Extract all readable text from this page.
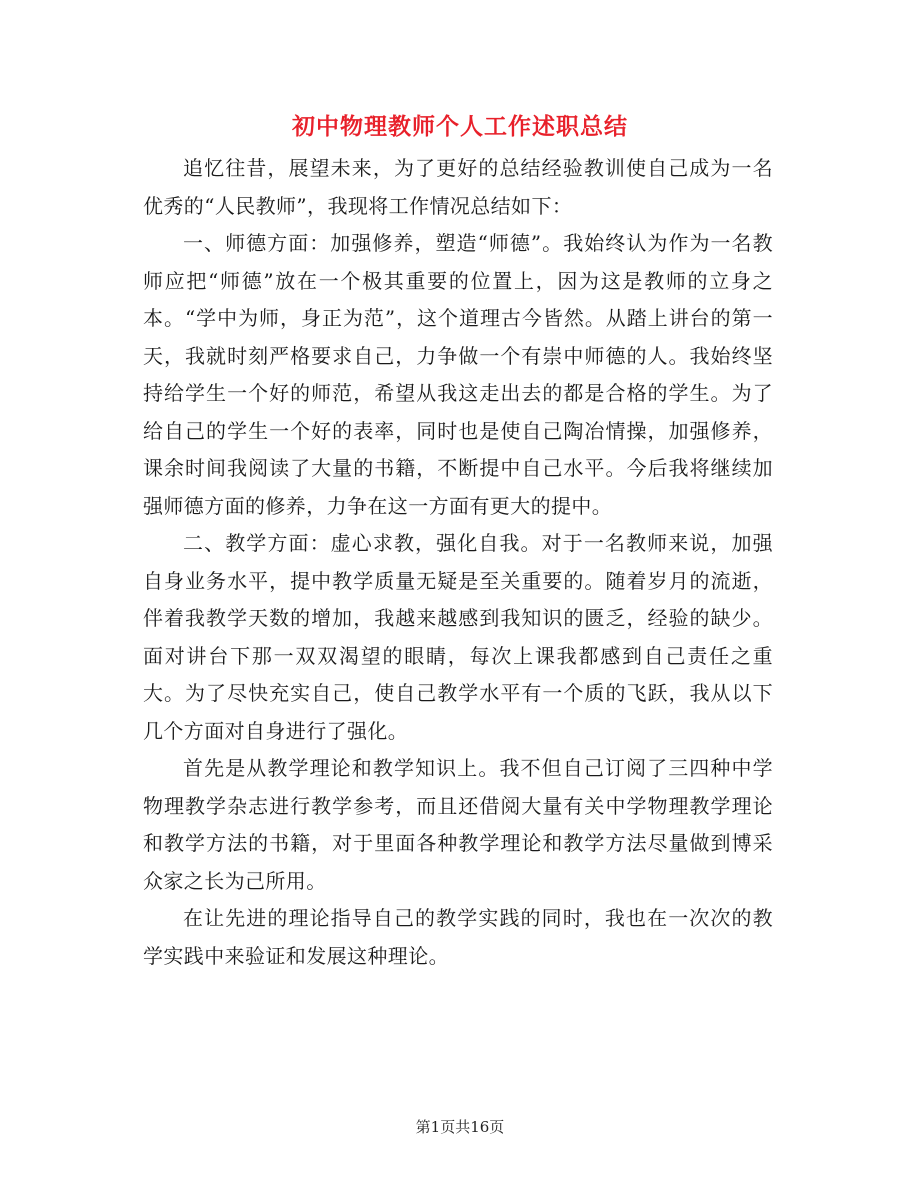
初中物理教师个人工作述职总结

追忆往昔，展望未来，为了更好的总结经验教训使自己成为一名优秀的“人民教师”，我现将工作情况总结如下：

一、师德方面：加强修养，塑造“师德”。我始终认为作为一名教师应把“师德”放在一个极其重要的位置上，因为这是教师的立身之本。“学中为师，身正为范”，这个道理古今皆然。从踏上讲台的第一天，我就时刻严格要求自己，力争做一个有崇中师德的人。我始终坚持给学生一个好的师范，希望从我这走出去的都是合格的学生。为了给自己的学生一个好的表率，同时也是使自己陶冶情操，加强修养，课余时间我阅读了大量的书籍，不断提中自己水平。今后我将继续加强师德方面的修养，力争在这一方面有更大的提中。

二、教学方面：虚心求教，强化自我。对于一名教师来说，加强自身业务水平，提中教学质量无疑是至关重要的。随着岁月的流逝，伴着我教学天数的增加，我越来越感到我知识的匮乏，经验的缺少。面对讲台下那一双双渴望的眼睛，每次上课我都感到自己责任之重大。为了尽快充实自己，使自己教学水平有一个质的飞跃，我从以下几个方面对自身进行了强化。

首先是从教学理论和教学知识上。我不但自己订阅了三四种中学物理教学杂志进行教学参考，而且还借阅大量有关中学物理教学理论和教学方法的书籍，对于里面各种教学理论和教学方法尽量做到博采众家之长为己所用。

在让先进的理论指导自己的教学实践的同时，我也在一次次的教学实践中来验证和发展这种理论。

第1页共16页
